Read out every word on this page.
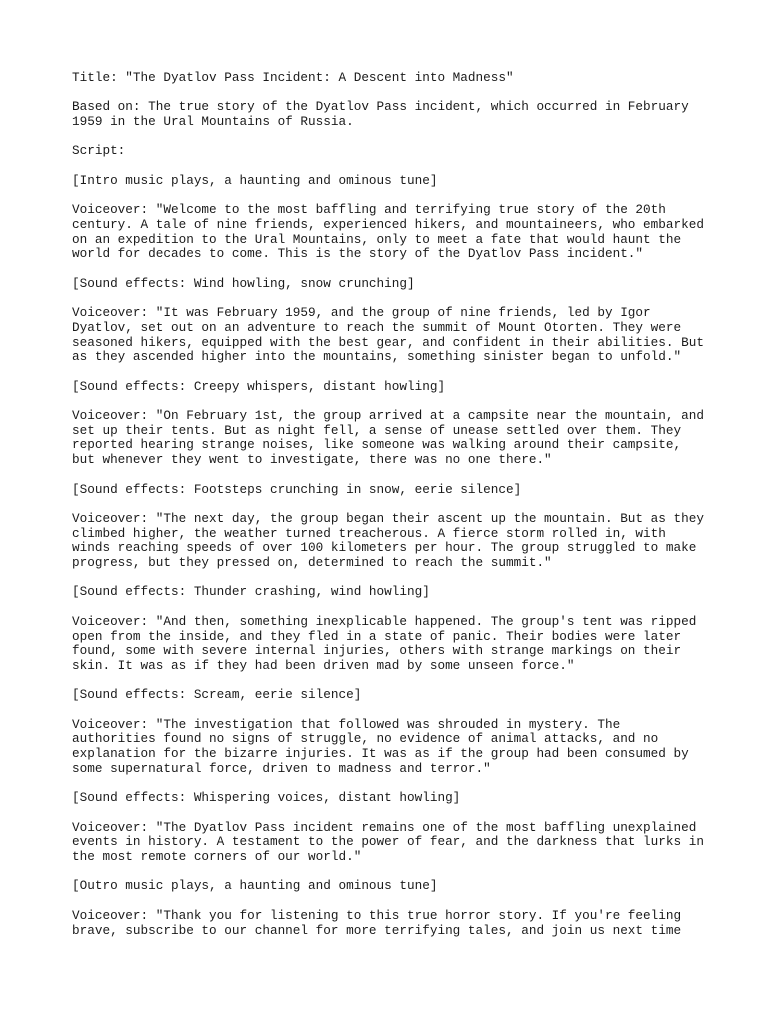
Title: "The Dyatlov Pass Incident: A Descent into Madness"

Based on: The true story of the Dyatlov Pass incident, which occurred in February
1959 in the Ural Mountains of Russia.

Script:

[Intro music plays, a haunting and ominous tune]

Voiceover: "Welcome to the most baffling and terrifying true story of the 20th
century. A tale of nine friends, experienced hikers, and mountaineers, who embarked
on an expedition to the Ural Mountains, only to meet a fate that would haunt the
world for decades to come. This is the story of the Dyatlov Pass incident."

[Sound effects: Wind howling, snow crunching]

Voiceover: "It was February 1959, and the group of nine friends, led by Igor
Dyatlov, set out on an adventure to reach the summit of Mount Otorten. They were
seasoned hikers, equipped with the best gear, and confident in their abilities. But
as they ascended higher into the mountains, something sinister began to unfold."

[Sound effects: Creepy whispers, distant howling]

Voiceover: "On February 1st, the group arrived at a campsite near the mountain, and
set up their tents. But as night fell, a sense of unease settled over them. They
reported hearing strange noises, like someone was walking around their campsite,
but whenever they went to investigate, there was no one there."

[Sound effects: Footsteps crunching in snow, eerie silence]

Voiceover: "The next day, the group began their ascent up the mountain. But as they
climbed higher, the weather turned treacherous. A fierce storm rolled in, with
winds reaching speeds of over 100 kilometers per hour. The group struggled to make
progress, but they pressed on, determined to reach the summit."

[Sound effects: Thunder crashing, wind howling]

Voiceover: "And then, something inexplicable happened. The group's tent was ripped
open from the inside, and they fled in a state of panic. Their bodies were later
found, some with severe internal injuries, others with strange markings on their
skin. It was as if they had been driven mad by some unseen force."

[Sound effects: Scream, eerie silence]

Voiceover: "The investigation that followed was shrouded in mystery. The
authorities found no signs of struggle, no evidence of animal attacks, and no
explanation for the bizarre injuries. It was as if the group had been consumed by
some supernatural force, driven to madness and terror."

[Sound effects: Whispering voices, distant howling]

Voiceover: "The Dyatlov Pass incident remains one of the most baffling unexplained
events in history. A testament to the power of fear, and the darkness that lurks in
the most remote corners of our world."

[Outro music plays, a haunting and ominous tune]

Voiceover: "Thank you for listening to this true horror story. If you're feeling
brave, subscribe to our channel for more terrifying tales, and join us next time
